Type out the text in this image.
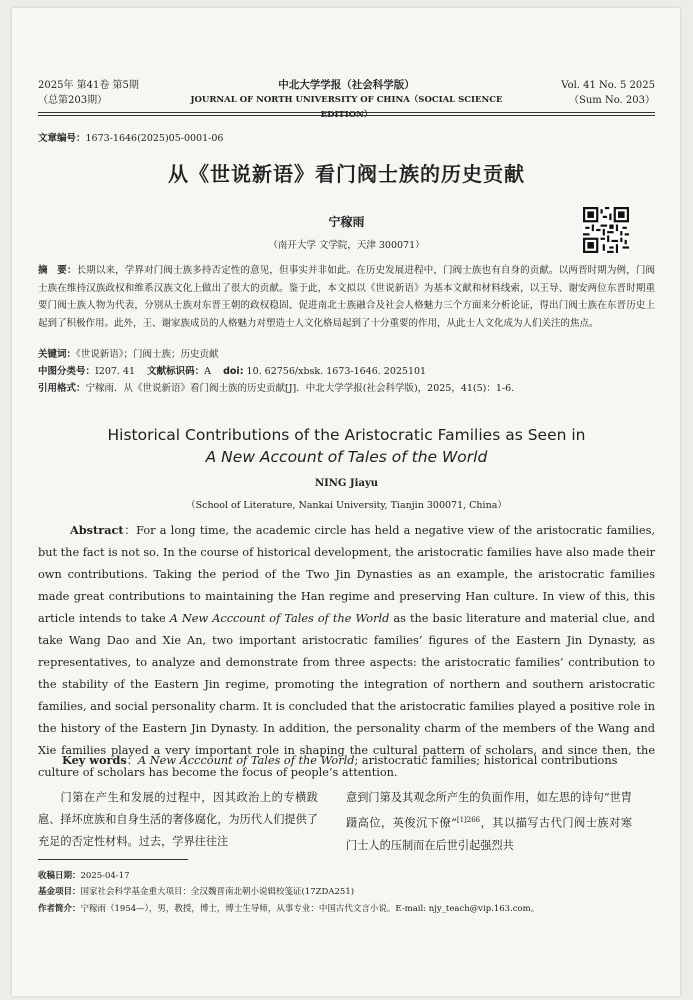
2025年 第41卷 第5期
（总第203期）
中北大学学报（社会科学版）
JOURNAL OF NORTH UNIVERSITY OF CHINA（SOCIAL SCIENCE EDITION）
Vol. 41 No. 5 2025
（Sum No. 203）
文章编号：1673-1646(2025)05-0001-06
从《世说新语》看门阀士族的历史贡献
宁稼雨
（南开大学 文学院，天津 300071）
摘　要：长期以来，学界对门阀士族多持否定性的意见，但事实并非如此。在历史发展进程中，门阀士族也有自身的贡献。以两晋时期为例，门阀士族在维持汉族政权和维系汉族文化上做出了很大的贡献。鉴于此，本文拟以《世说新语》为基本文献和材料线索，以王导、谢安两位东晋时期重要门阀士族人物为代表，分别从士族对东晋王朝的政权稳固、促进南北士族融合及社会人格魅力三个方面来分析论证，得出门阀士族在东晋历史上起到了积极作用。此外，王、谢家族成员的人格魅力对塑造士人文化格局起到了十分重要的作用，从此士人文化成为人们关注的焦点。
关键词：《世说新语》；门阀士族；历史贡献
中图分类号：I207. 41 文献标识码：A doi: 10. 62756/xbsk. 1673-1646. 2025101
引用格式：宁稼雨．从《世说新语》看门阀士族的历史贡献[J]．中北大学学报(社会科学版)，2025，41(5)：1-6.
Historical Contributions of the Aristocratic Families as Seen in
A New Account of Tales of the World
NING Jiayu
（School of Literature, Nankai University, Tianjin 300071, China）
Abstract：For a long time, the academic circle has held a negative view of the aristocratic families, but the fact is not so. In the course of historical development, the aristocratic families have also made their own contributions. Taking the period of the Two Jin Dynasties as an example, the aristocratic families made great contributions to maintaining the Han regime and preserving Han culture. In view of this, this article intends to take A New Acccount of Tales of the World as the basic literature and material clue, and take Wang Dao and Xie An, two important aristocratic families’ figures of the Eastern Jin Dynasty, as representatives, to analyze and demonstrate from three aspects: the aristocratic families’ contribution to the stability of the Eastern Jin regime, promoting the integration of northern and southern aristocratic families, and social personality charm. It is concluded that the aristocratic families played a positive role in the history of the Eastern Jin Dynasty. In addition, the personality charm of the members of the Wang and Xie families played a very important role in shaping the cultural pattern of scholars, and since then, the culture of scholars has become the focus of people’s attention.
Key words：A New Acccount of Tales of the World; aristocratic families; historical contributions
门第在产生和发展的过程中，因其政治上的专横跋扈、择坏庶族和自身生活的奢侈腐化，为历代人们提供了充足的否定性材料。过去，学界往往注
意到门第及其观念所产生的负面作用，如左思的诗句“世胄蹑高位，英俊沉下僚”$^{[1]266}$，其以描写古代门阀士族对寒门士人的压制而在后世引起强烈共
收稿日期：2025-04-17
基金项目：国家社会科学基金重大项目：全汉魏晋南北朝小说辑校笺证(17ZDA251)
作者简介：宁稼雨（1954—），男，教授，博士，博士生导师，从事专业：中国古代文言小说。E-mail: njy_teach@vip.163.com。
